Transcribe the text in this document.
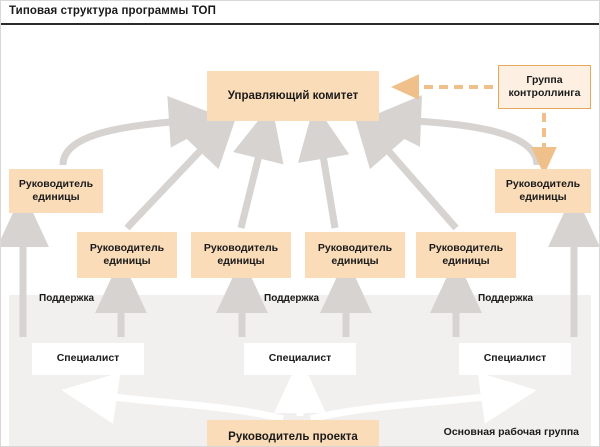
Типовая структура программы ТОП
Основная рабочая группа
Управляющий комитет
Группа
контроллинга
Руководитель
единицы
Руководитель
единицы
Руководитель
единицы
Руководитель
единицы
Руководитель
единицы
Руководитель
единицы
Специалист	Специалист	Специалист
Руководитель проекта
Поддержка	Поддержка	Поддержка
